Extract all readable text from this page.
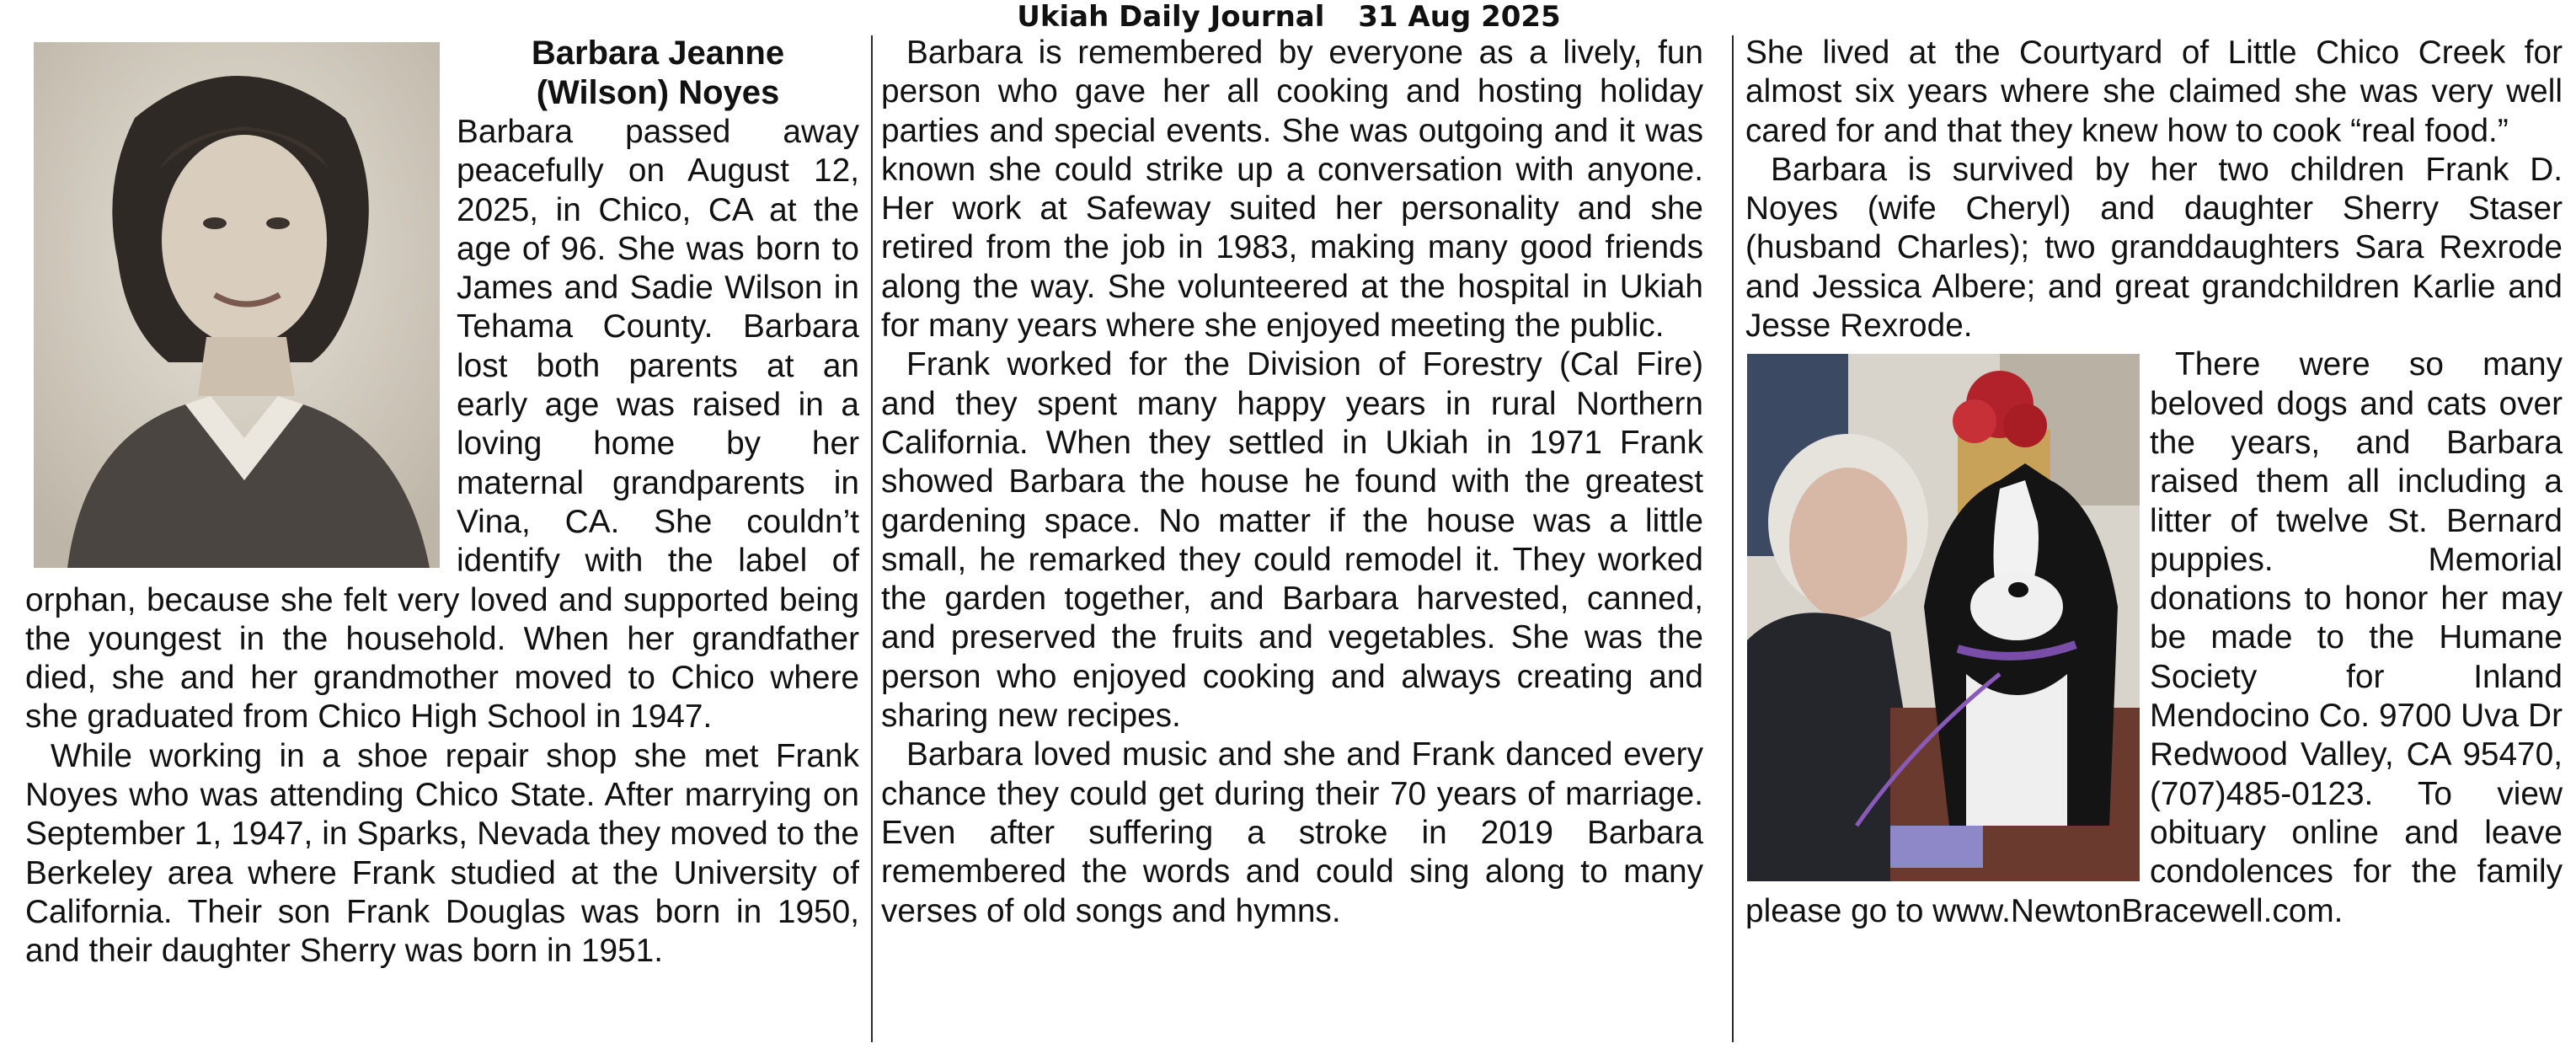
Ukiah Daily Journal 31 Aug 2025

Barbara Jeanne

(Wilson) Noyes

Barbara passed away peacefully on August 12, 2025, in Chico, CA at the age of 96. She was born to James and Sadie Wilson in Tehama County. Barbara lost both parents at an early age was raised in a loving home by her maternal grandparents in Vina, CA. She couldn’t identify with the label of orphan, because she felt very loved and supported being the youngest in the household. When her grandfather died, she and her grandmother moved to Chico where she graduated from Chico High School in 1947.

While working in a shoe repair shop she met Frank Noyes who was attending Chico State. After marrying on September 1, 1947, in Sparks, Nevada they moved to the Berkeley area where Frank studied at the University of California. Their son Frank Douglas was born in 1950, and their daughter Sherry was born in 1951.

Barbara is remembered by everyone as a lively, fun person who gave her all cooking and hosting holiday parties and special events. She was outgoing and it was known she could strike up a conversation with anyone. Her work at Safeway suited her personality and she retired from the job in 1983, making many good friends along the way. She volunteered at the hospital in Ukiah for many years where she enjoyed meeting the public.

Frank worked for the Division of Forestry (Cal Fire) and they spent many happy years in rural Northern California. When they settled in Ukiah in 1971 Frank showed Barbara the house he found with the greatest gardening space. No matter if the house was a little small, he remarked they could remodel it. They worked the garden together, and Barbara harvested, canned, and preserved the fruits and vegetables. She was the person who enjoyed cooking and always creating and sharing new recipes.

Barbara loved music and she and Frank danced every chance they could get during their 70 years of marriage. Even after suffering a stroke in 2019 Barbara remembered the words and could sing along to many verses of old songs and hymns.

She lived at the Courtyard of Little Chico Creek for almost six years where she claimed she was very well cared for and that they knew how to cook “real food.”

Barbara is survived by her two children Frank D. Noyes (wife Cheryl) and daughter Sherry Staser (husband Charles); two granddaughters Sara Rexrode and Jessica Albere; and great grandchildren Karlie and Jesse Rexrode.

There were so many beloved dogs and cats over the years, and Barbara raised them all including a litter of twelve St. Bernard puppies. Memorial donations to honor her may be made to the Humane Society for Inland Mendocino Co. 9700 Uva Dr Redwood Valley, CA 95470, (707)485-0123. To view obituary online and leave condolences for the family please go to www.NewtonBracewell.com.
